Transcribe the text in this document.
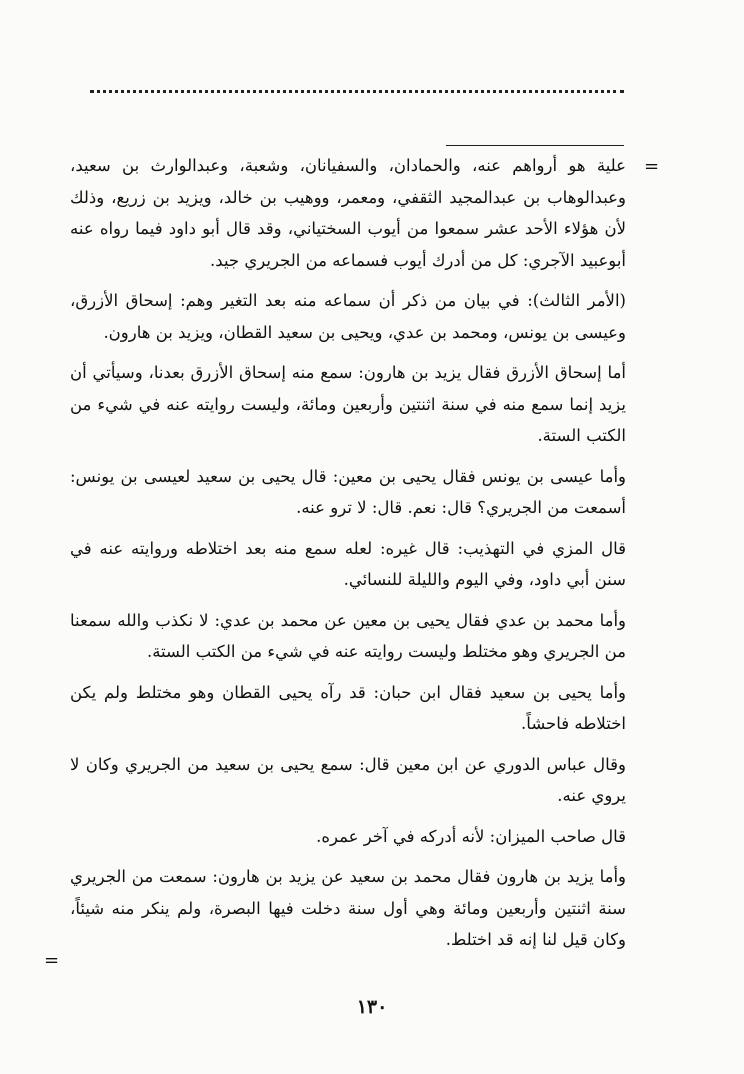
=

علية هو أرواهم عنه، والحمادان، والسفيانان، وشعبة، وعبدالوارث بن سعيد، وعبدالوهاب بن عبدالمجيد الثقفي، ومعمر، ووهيب بن خالد، ويزيد بن زريع، وذلك لأن هؤلاء الأحد عشر سمعوا من أيوب السختياني، وقد قال أبو داود فيما رواه عنه أبوعبيد الآجري: كل من أدرك أيوب فسماعه من الجريري جيد.

(الأمر الثالث): في بيان من ذكر أن سماعه منه بعد التغير وهم: إسحاق الأزرق، وعيسى بن يونس، ومحمد بن عدي، ويحيى بن سعيد القطان، ويزيد بن هارون.

أما إسحاق الأزرق فقال يزيد بن هارون: سمع منه إسحاق الأزرق بعدنا، وسيأتي أن يزيد إنما سمع منه في سنة اثنتين وأربعين ومائة، وليست روايته عنه في شيء من الكتب الستة.

وأما عيسى بن يونس فقال يحيى بن معين: قال يحيى بن سعيد لعيسى بن يونس: أسمعت من الجريري؟ قال: نعم. قال: لا ترو عنه.

قال المزي في التهذيب: قال غيره: لعله سمع منه بعد اختلاطه وروايته عنه في سنن أبي داود، وفي اليوم والليلة للنسائي.

وأما محمد بن عدي فقال يحيى بن معين عن محمد بن عدي: لا نكذب والله سمعنا من الجريري وهو مختلط وليست روايته عنه في شيء من الكتب الستة.

وأما يحيى بن سعيد فقال ابن حبان: قد رآه يحيى القطان وهو مختلط ولم يكن اختلاطه فاحشاً.

وقال عباس الدوري عن ابن معين قال: سمع يحيى بن سعيد من الجريري وكان لا يروي عنه.

قال صاحب الميزان: لأنه أدركه في آخر عمره.

وأما يزيد بن هارون فقال محمد بن سعيد عن يزيد بن هارون: سمعت من الجريري سنة اثنتين وأربعين ومائة وهي أول سنة دخلت فيها البصرة، ولم ينكر منه شيئاً، وكان قيل لنا إنه قد اختلط.

=
١٣٠
